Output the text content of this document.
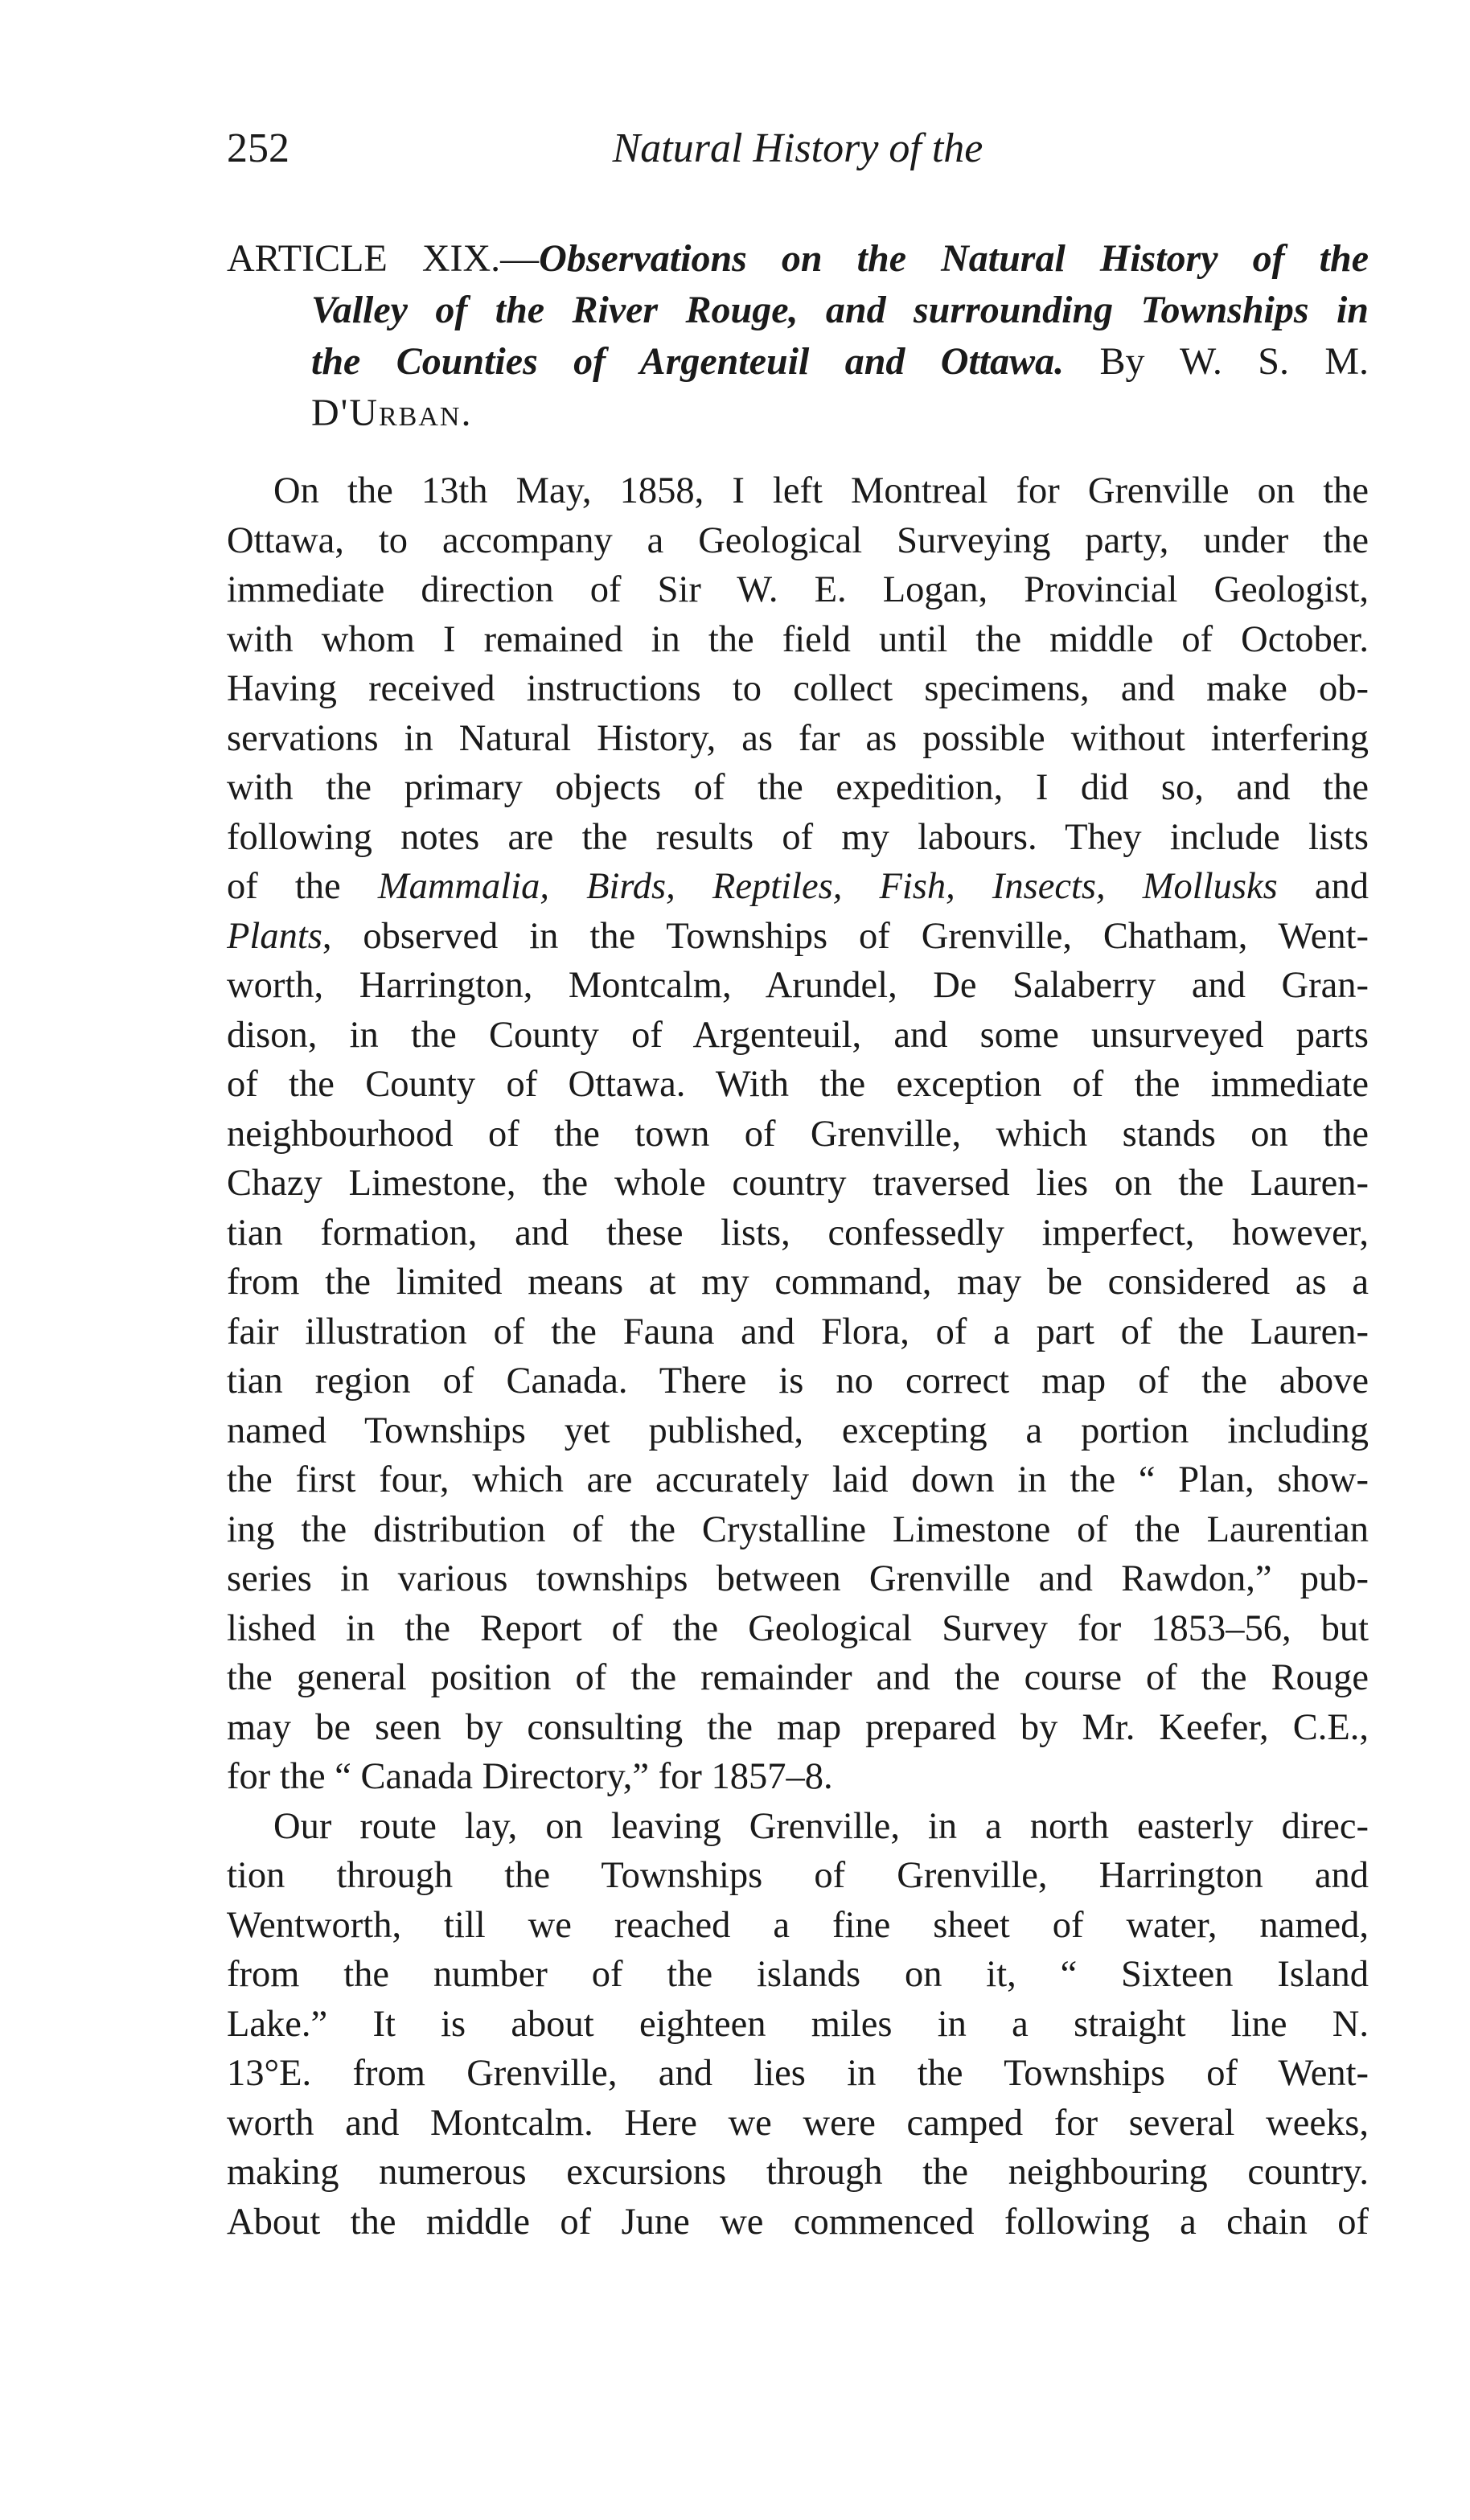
252	Natural History of the
ARTICLE XIX.—Observations on the Natural History of the
Valley of the River Rouge, and surrounding Townships in
the Counties of Argenteuil and Ottawa. By W. S. M.
D'Urban.
On the 13th May, 1858, I left Montreal for Grenville on the
Ottawa, to accompany a Geological Surveying party, under the
immediate direction of Sir W. E. Logan, Provincial Geologist,
with whom I remained in the field until the middle of October.
Having received instructions to collect specimens, and make ob-
servations in Natural History, as far as possible without interfering
with the primary objects of the expedition, I did so, and the
following notes are the results of my labours. They include lists
of the Mammalia, Birds, Reptiles, Fish, Insects, Mollusks and
Plants, observed in the Townships of Grenville, Chatham, Went-
worth, Harrington, Montcalm, Arundel, De Salaberry and Gran-
dison, in the County of Argenteuil, and some unsurveyed parts
of the County of Ottawa. With the exception of the immediate
neighbourhood of the town of Grenville, which stands on the
Chazy Limestone, the whole country traversed lies on the Lauren-
tian formation, and these lists, confessedly imperfect, however,
from the limited means at my command, may be considered as a
fair illustration of the Fauna and Flora, of a part of the Lauren-
tian region of Canada. There is no correct map of the above
named Townships yet published, excepting a portion including
the first four, which are accurately laid down in the “ Plan, show-
ing the distribution of the Crystalline Limestone of the Laurentian
series in various townships between Grenville and Rawdon,” pub-
lished in the Report of the Geological Survey for 1853–56, but
the general position of the remainder and the course of the Rouge
may be seen by consulting the map prepared by Mr. Keefer, C.E.,
for the “ Canada Directory,” for 1857–8.
Our route lay, on leaving Grenville, in a north easterly direc-
tion through the Townships of Grenville, Harrington and
Wentworth, till we reached a fine sheet of water, named,
from the number of the islands on it, “ Sixteen Island
Lake.” It is about eighteen miles in a straight line N.
13°E. from Grenville, and lies in the Townships of Went-
worth and Montcalm. Here we were camped for several weeks,
making numerous excursions through the neighbouring country.
About the middle of June we commenced following a chain of
